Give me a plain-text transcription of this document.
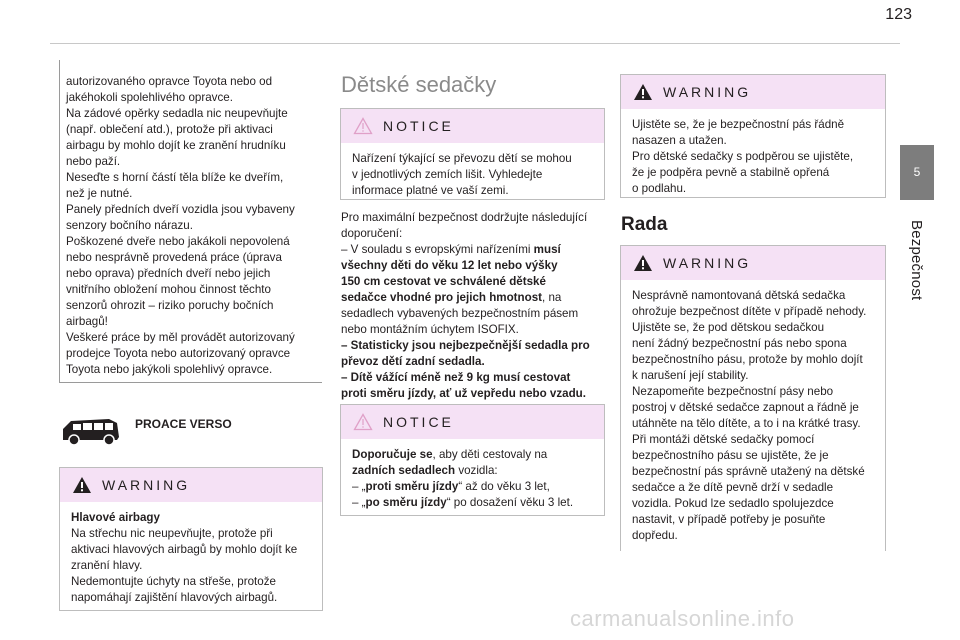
123
5
Bezpečnost
autorizovaného opravce Toyota nebo od
jakéhokoli spolehlivého opravce.
Na zádové opěrky sedadla nic neupevňujte
(např. oblečení atd.), protože při aktivaci
airbagu by mohlo dojít ke zranění hrudníku
nebo paží.
Neseďte s horní částí těla blíže ke dveřím,
než je nutné.
Panely předních dveří vozidla jsou vybaveny
senzory bočního nárazu.
Poškozené dveře nebo jakákoli nepovolená
nebo nesprávně provedená práce (úprava
nebo oprava) předních dveří nebo jejich
vnitřního obložení mohou činnost těchto
senzorů ohrozit – riziko poruchy bočních
airbagů!
Veškeré práce by měl provádět autorizovaný
prodejce Toyota nebo autorizovaný opravce
Toyota nebo jakýkoli spolehlivý opravce.
PROACE VERSO
WARNING
Hlavové airbagy
Na střechu nic neupevňujte, protože při
aktivaci hlavových airbagů by mohlo dojít ke
zranění hlavy.
Nedemontujte úchyty na střeše, protože
napomáhají zajištění hlavových airbagů.
Dětské sedačky
NOTICE
Nařízení týkající se převozu dětí se mohou
v jednotlivých zemích lišit. Vyhledejte
informace platné ve vaší zemi.
Pro maximální bezpečnost dodržujte následující
doporučení:
– V souladu s evropskými nařízeními musí
všechny děti do věku 12 let nebo výšky
150 cm cestovat ve schválené dětské
sedačce vhodné pro jejich hmotnost, na
sedadlech vybavených bezpečnostním pásem
nebo montážním úchytem ISOFIX.
– Statisticky jsou nejbezpečnější sedadla pro
převoz dětí zadní sedadla.
– Dítě vážící méně než 9 kg musí cestovat
proti směru jízdy, ať už vepředu nebo vzadu.
NOTICE
Doporučuje se, aby děti cestovaly na
zadních sedadlech vozidla:
– „proti směru jízdy“ až do věku 3 let,
– „po směru jízdy“ po dosažení věku 3 let.
WARNING
Ujistěte se, že je bezpečnostní pás řádně
nasazen a utažen.
Pro dětské sedačky s podpěrou se ujistěte,
že je podpěra pevně a stabilně opřená
o podlahu.
Rada
WARNING
Nesprávně namontovaná dětská sedačka
ohrožuje bezpečnost dítěte v případě nehody.
Ujistěte se, že pod dětskou sedačkou
není žádný bezpečnostní pás nebo spona
bezpečnostního pásu, protože by mohlo dojít
k narušení její stability.
Nezapomeňte bezpečnostní pásy nebo
postroj v dětské sedačce zapnout a řádně je
utáhněte na tělo dítěte, a to i na krátké trasy.
Při montáži dětské sedačky pomocí
bezpečnostního pásu se ujistěte, že je
bezpečnostní pás správně utažený na dětské
sedačce a že dítě pevně drží v sedadle
vozidla. Pokud lze sedadlo spolujezdce
nastavit, v případě potřeby je posuňte
dopředu.
carmanualsonline.info
